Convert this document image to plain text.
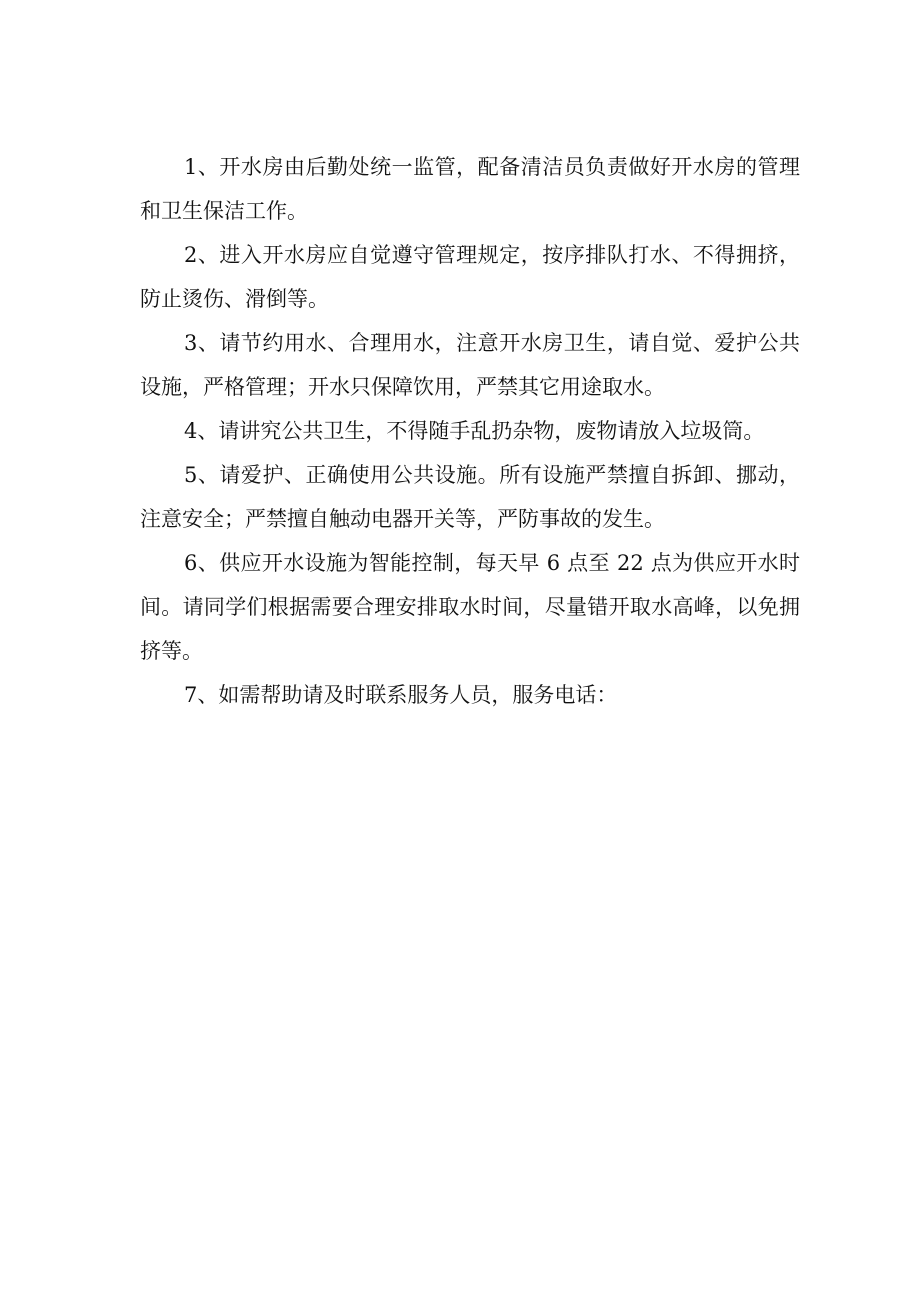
1、开水房由后勤处统一监管，配备清洁员负责做好开水房的管理和卫生保洁工作。

2、进入开水房应自觉遵守管理规定，按序排队打水、不得拥挤，防止烫伤、滑倒等。

3、请节约用水、合理用水，注意开水房卫生，请自觉、爱护公共设施，严格管理；开水只保障饮用，严禁其它用途取水。

4、请讲究公共卫生，不得随手乱扔杂物，废物请放入垃圾筒。

5、请爱护、正确使用公共设施。所有设施严禁擅自拆卸、挪动，注意安全；严禁擅自触动电器开关等，严防事故的发生。

6、供应开水设施为智能控制，每天早 6 点至 22 点为供应开水时间。请同学们根据需要合理安排取水时间，尽量错开取水高峰，以免拥挤等。

7、如需帮助请及时联系服务人员，服务电话：
